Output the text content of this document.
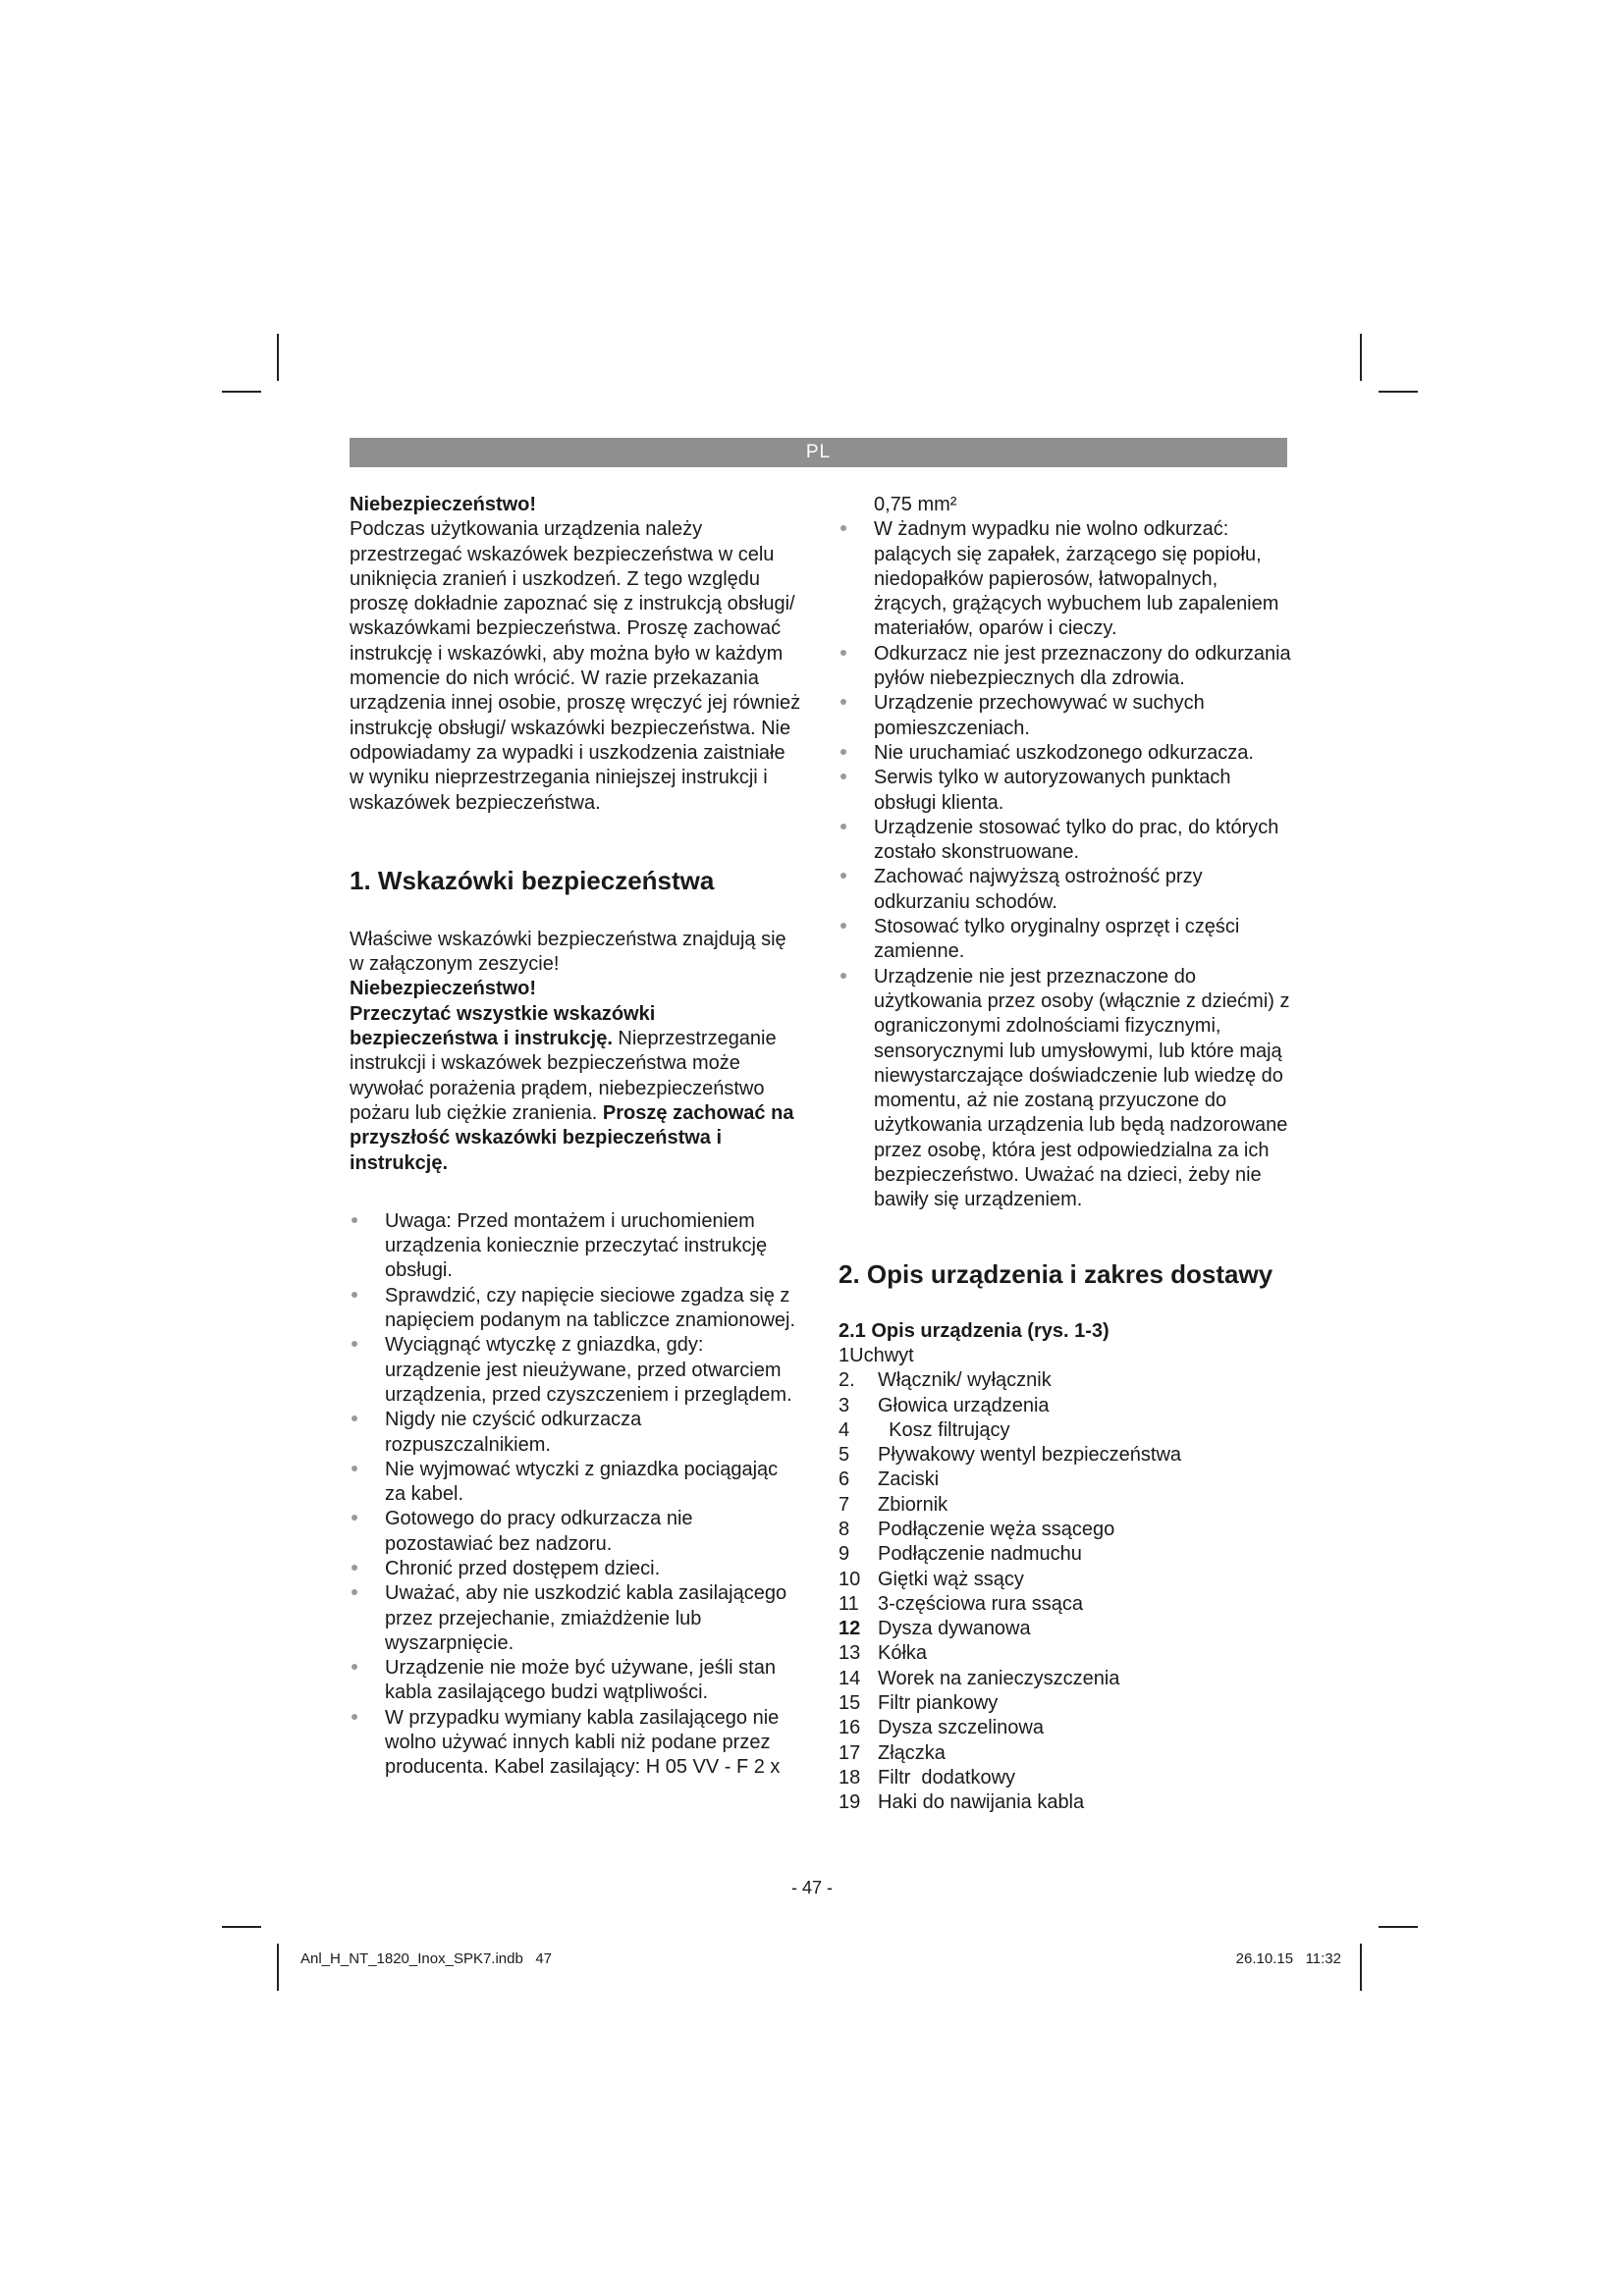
PL

Niebezpieczeństwo!

Podczas użytkowania urządzenia należy przestrzegać wskazówek bezpieczeństwa w celu uniknięcia zranień i uszkodzeń. Z tego względu proszę dokładnie zapoznać się z instrukcją obsługi/ wskazówkami bezpieczeństwa. Proszę zachować instrukcję i wskazówki, aby można było w każdym momencie do nich wrócić. W razie przekazania urządzenia innej osobie, proszę wręczyć jej również instrukcję obsługi/ wskazówki bezpieczeństwa. Nie odpowiadamy za wypadki i uszkodzenia zaistniałe w wyniku nieprzestrzegania niniejszej instrukcji i wskazówek bezpieczeństwa.

1. Wskazówki bezpieczeństwa

Właściwe wskazówki bezpieczeństwa znajdują się w załączonym zeszycie!

Niebezpieczeństwo!

Przeczytać wszystkie wskazówki bezpieczeństwa i instrukcję. Nieprzestrzeganie instrukcji i wskazówek bezpieczeństwa może wywołać porażenia prądem, niebezpieczeństwo pożaru lub ciężkie zranienia. Proszę zachować na przyszłość wskazówki bezpieczeństwa i instrukcję.

Uwaga: Przed montażem i uruchomieniem urządzenia koniecznie przeczytać instrukcję obsługi.
Sprawdzić, czy napięcie sieciowe zgadza się z napięciem podanym na tabliczce znamionowej.
Wyciągnąć wtyczkę z gniazdka, gdy: urządzenie jest nieużywane, przed otwarciem urządzenia, przed czyszczeniem i przeglądem.
Nigdy nie czyścić odkurzacza rozpuszczalnikiem.
Nie wyjmować wtyczki z gniazdka pociągając za kabel.
Gotowego do pracy odkurzacza nie pozostawiać bez nadzoru.
Chronić przed dostępem dzieci.
Uważać, aby nie uszkodzić kabla zasilającego przez przejechanie, zmiażdżenie lub wyszarpnięcie.
Urządzenie nie może być używane, jeśli stan kabla zasilającego budzi wątpliwości.
W przypadku wymiany kabla zasilającego nie wolno używać innych kabli niż podane przez producenta. Kabel zasilający: H 05 VV - F 2 x

0,75 mm²

W żadnym wypadku nie wolno odkurzać: palących się zapałek, żarzącego się popiołu, niedopałków papierosów, łatwopalnych, żrących, grążących wybuchem lub zapaleniem materiałów, oparów i cieczy.
Odkurzacz nie jest przeznaczony do odkurzania pyłów niebezpiecznych dla zdrowia.
Urządzenie przechowywać w suchych pomieszczeniach.
Nie uruchamiać uszkodzonego odkurzacza.
Serwis tylko w autoryzowanych punktach obsługi klienta.
Urządzenie stosować tylko do prac, do których zostało skonstruowane.
Zachować najwyższą ostrożność przy odkurzaniu schodów.
Stosować tylko oryginalny osprzęt i części zamienne.
Urządzenie nie jest przeznaczone do użytkowania przez osoby (włącznie z dziećmi) z ograniczonymi zdolnościami fizycznymi, sensorycznymi lub umysłowymi, lub które mają niewystarczające doświadczenie lub wiedzę do momentu, aż nie zostaną przyuczone do użytkowania urządzenia lub będą nadzorowane przez osobę, która jest odpowiedzialna za ich bezpieczeństwo. Uważać na dzieci, żeby nie bawiły się urządzeniem.
2. Opis urządzenia i zakres dostawy

2.1 Opis urządzenia (rys. 1-3)

1Uchwyt

2.	Włącznik/ wyłącznik
3	Głowica urządzenia
4	Kosz filtrujący
5	Pływakowy wentyl bezpieczeństwa
6	Zaciski
7	Zbiornik
8	Podłączenie węża ssącego
9	Podłączenie nadmuchu
10 Giętki wąż ssący
11 3-częściowa rura ssąca
12 Dysza dywanowa
13 Kółka
14 Worek na zanieczyszczenia
15 Filtr piankowy
16 Dysza szczelinowa
17 Złączka
18 Filtr  dodatkowy
19 Haki do nawijania kabla
- 47 -
Anl_H_NT_1820_Inox_SPK7.indb   47	26.10.15   11:32
